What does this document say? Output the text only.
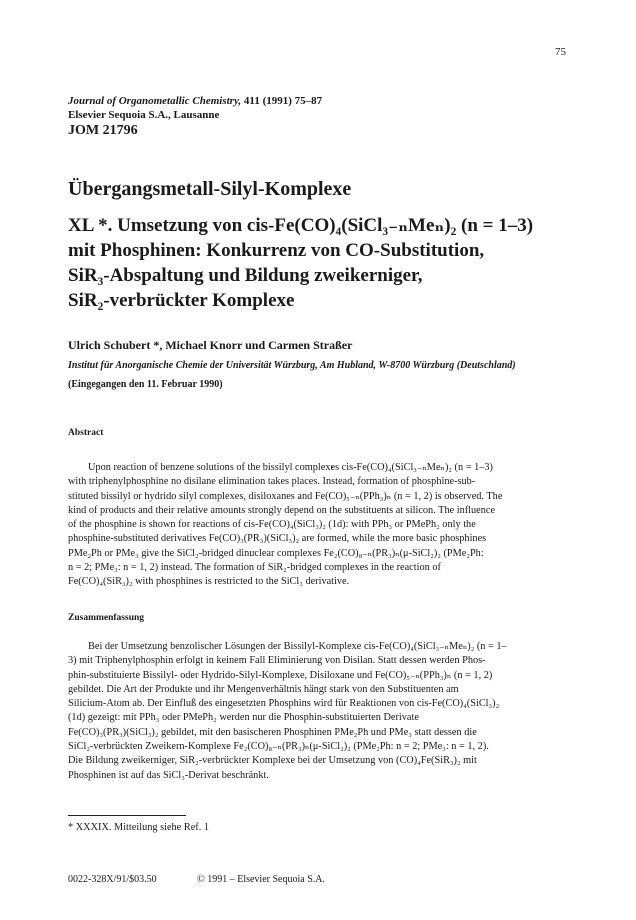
75
Journal of Organometallic Chemistry, 411 (1991) 75–87
Elsevier Sequoia S.A., Lausanne
JOM 21796
Übergangsmetall-Silyl-Komplexe
XL *. Umsetzung von cis-Fe(CO)₄(SiCl₃₋ₙMeₙ)₂ (n = 1–3)
mit Phosphinen: Konkurrenz von CO-Substitution,
SiR₃-Abspaltung und Bildung zweikerniger,
SiR₂-verbrückter Komplexe
Ulrich Schubert *, Michael Knorr und Carmen Straßer
Institut für Anorganische Chemie der Universität Würzburg, Am Hubland, W-8700 Würzburg (Deutschland)
(Eingegangen den 11. Februar 1990)
Abstract
Upon reaction of benzene solutions of the bissilyl complexes cis-Fe(CO)₄(SiCl₃₋ₙMeₙ)₂ (n = 1–3)
with triphenylphosphine no disilane elimination takes places. Instead, formation of phosphine-sub-
stituted bissilyl or hydrido silyl complexes, disiloxanes and Fe(CO)₅₋ₙ(PPh₃)ₙ (n = 1, 2) is observed. The
kind of products and their relative amounts strongly depend on the substituents at silicon. The influence
of the phosphine is shown for reactions of cis-Fe(CO)₄(SiCl₃)₂ (1d): with PPh₃ or PMePh₂ only the
phosphine-substituted derivatives Fe(CO)₃(PR₃)(SiCl₃)₂ are formed, while the more basic phosphines
PMe₂Ph or PMe₃ give the SiCl₂-bridged dinuclear complexes Fe₂(CO)₈₋ₙ(PR₃)ₙ(μ-SiCl₂)₂ (PMe₂Ph:
n = 2; PMe₃: n = 1, 2) instead. The formation of SiR₂-bridged complexes in the reaction of
Fe(CO)₄(SiR₃)₂ with phosphines is restricted to the SiCl₃ derivative.
Zusammenfassung
Bei der Umsetzung benzolischer Lösungen der Bissilyl-Komplexe cis-Fe(CO)₄(SiCl₃₋ₙMeₙ)₂ (n = 1–
3) mit Triphenylphosphin erfolgt in keinem Fall Eliminierung von Disilan. Statt dessen werden Phos-
phin-substituierte Bissilyl- oder Hydrido-Silyl-Komplexe, Disiloxane und Fe(CO)₅₋ₙ(PPh₃)ₙ (n = 1, 2)
gebildet. Die Art der Produkte und ihr Mengenverhältnis hängt stark von den Substituenten am
Silicium-Atom ab. Der Einfluß des eingesetzten Phosphins wird für Reaktionen von cis-Fe(CO)₄(SiCl₃)₂
(1d) gezeigt: mit PPh₃ oder PMePh₂ werden nur die Phosphin-substituierten Derivate
Fe(CO)₃(PR₃)(SiCl₃)₂ gebildet, mit den basischeren Phosphinen PMe₂Ph und PMe₃ statt dessen die
SiCl₂-verbrückten Zweikern-Komplexe Fe₂(CO)₈₋ₙ(PR₃)ₙ(μ-SiCl₂)₂ (PMe₂Ph: n = 2; PMe₃: n = 1, 2).
Die Bildung zweikerniger, SiR₂-verbrückter Komplexe bei der Umsetzung von (CO)₄Fe(SiR₃)₂ mit
Phosphinen ist auf das SiCl₃-Derivat beschränkt.
* XXXIX. Mitteilung siehe Ref. 1
0022-328X/91/$03.50	© 1991 – Elsevier Sequoia S.A.
